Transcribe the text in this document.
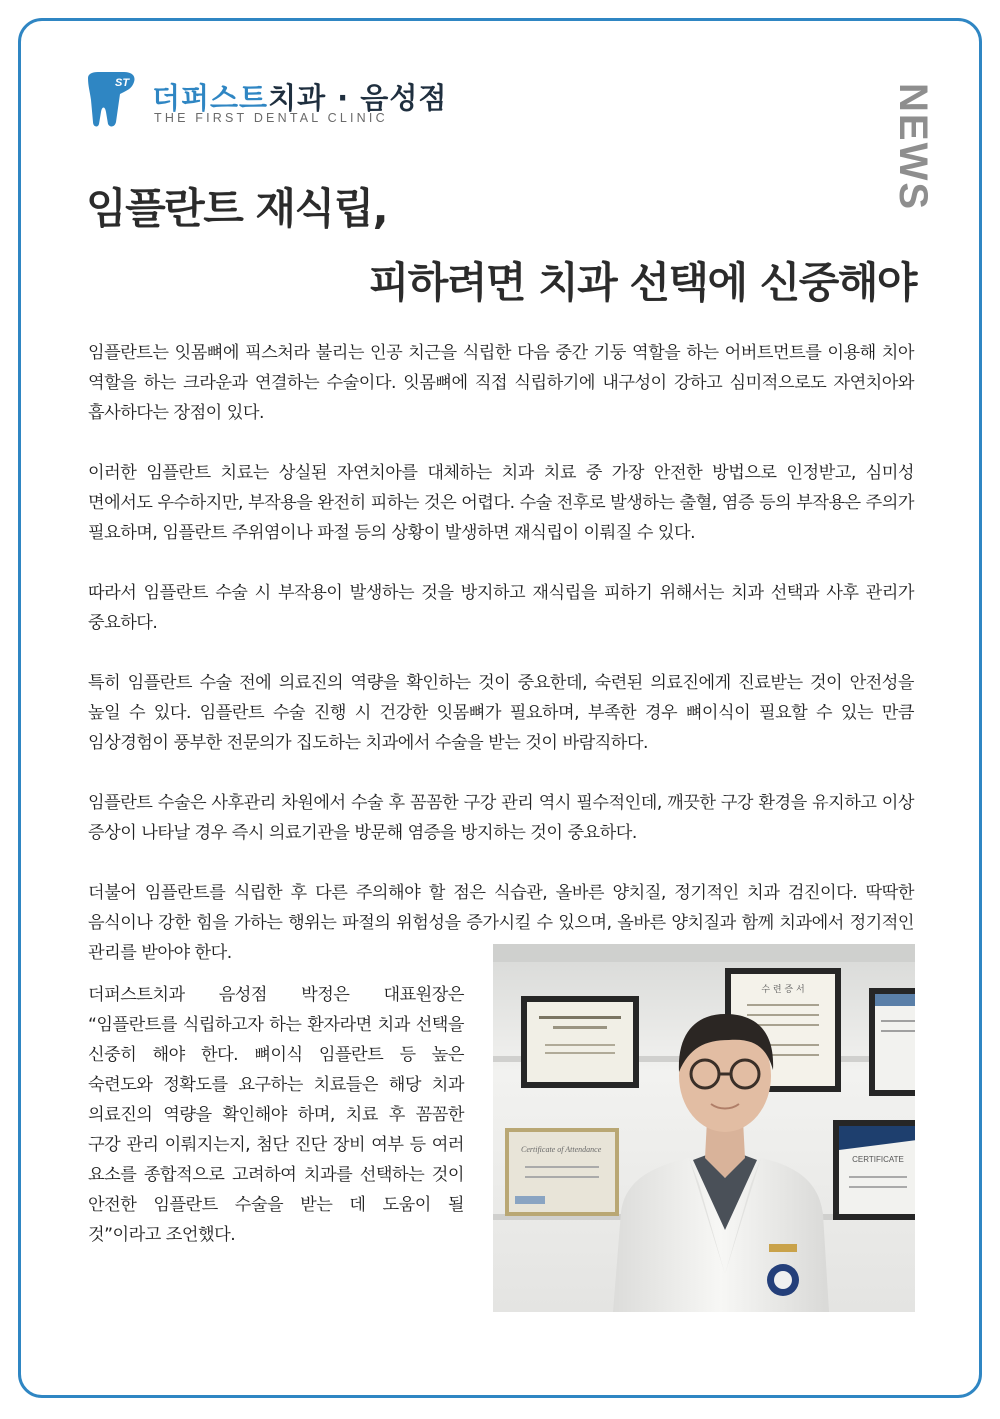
ST 더퍼스트치과 · 음성점
THE FIRST DENTAL CLINIC	NEWS
임플란트 재식립,
피하려면 치과 선택에 신중해야

임플란트는 잇몸뼈에 픽스처라 불리는 인공 치근을 식립한 다음 중간 기둥 역할을 하는 어버트먼트를 이용해 치아 역할을 하는 크라운과 연결하는 수술이다. 잇몸뼈에 직접 식립하기에 내구성이 강하고 심미적으로도 자연치아와 흡사하다는 장점이 있다.

이러한 임플란트 치료는 상실된 자연치아를 대체하는 치과 치료 중 가장 안전한 방법으로 인정받고, 심미성 면에서도 우수하지만, 부작용을 완전히 피하는 것은 어렵다. 수술 전후로 발생하는 출혈, 염증 등의 부작용은 주의가 필요하며, 임플란트 주위염이나 파절 등의 상황이 발생하면 재식립이 이뤄질 수 있다.

따라서 임플란트 수술 시 부작용이 발생하는 것을 방지하고 재식립을 피하기 위해서는 치과 선택과 사후 관리가 중요하다.

특히 임플란트 수술 전에 의료진의 역량을 확인하는 것이 중요한데, 숙련된 의료진에게 진료받는 것이 안전성을 높일 수 있다. 임플란트 수술 진행 시 건강한 잇몸뼈가 필요하며, 부족한 경우 뼈이식이 필요할 수 있는 만큼 임상경험이 풍부한 전문의가 집도하는 치과에서 수술을 받는 것이 바람직하다.

임플란트 수술은 사후관리 차원에서 수술 후 꼼꼼한 구강 관리 역시 필수적인데, 깨끗한 구강 환경을 유지하고 이상 증상이 나타날 경우 즉시 의료기관을 방문해 염증을 방지하는 것이 중요하다.

더불어 임플란트를 식립한 후 다른 주의해야 할 점은 식습관, 올바른 양치질, 정기적인 치과 검진이다. 딱딱한 음식이나 강한 힘을 가하는 행위는 파절의 위험성을 증가시킬 수 있으며, 올바른 양치질과 함께 치과에서 정기적인 관리를 받아야 한다.

더퍼스트치과 음성점 박정은 대표원장은 “임플란트를 식립하고자 하는 환자라면 치과 선택을 신중히 해야 한다. 뼈이식 임플란트 등 높은 숙련도와 정확도를 요구하는 치료들은 해당 치과 의료진의 역량을 확인해야 하며, 치료 후 꼼꼼한 구강 관리 이뤄지는지, 첨단 진단 장비 여부 등 여러 요소를 종합적으로 고려하여 치과를 선택하는 것이 안전한 임플란트 수술을 받는 데 도움이 될 것”이라고 조언했다.

수 련 증 서
Certificate of Attendance
CERTIFICATE
